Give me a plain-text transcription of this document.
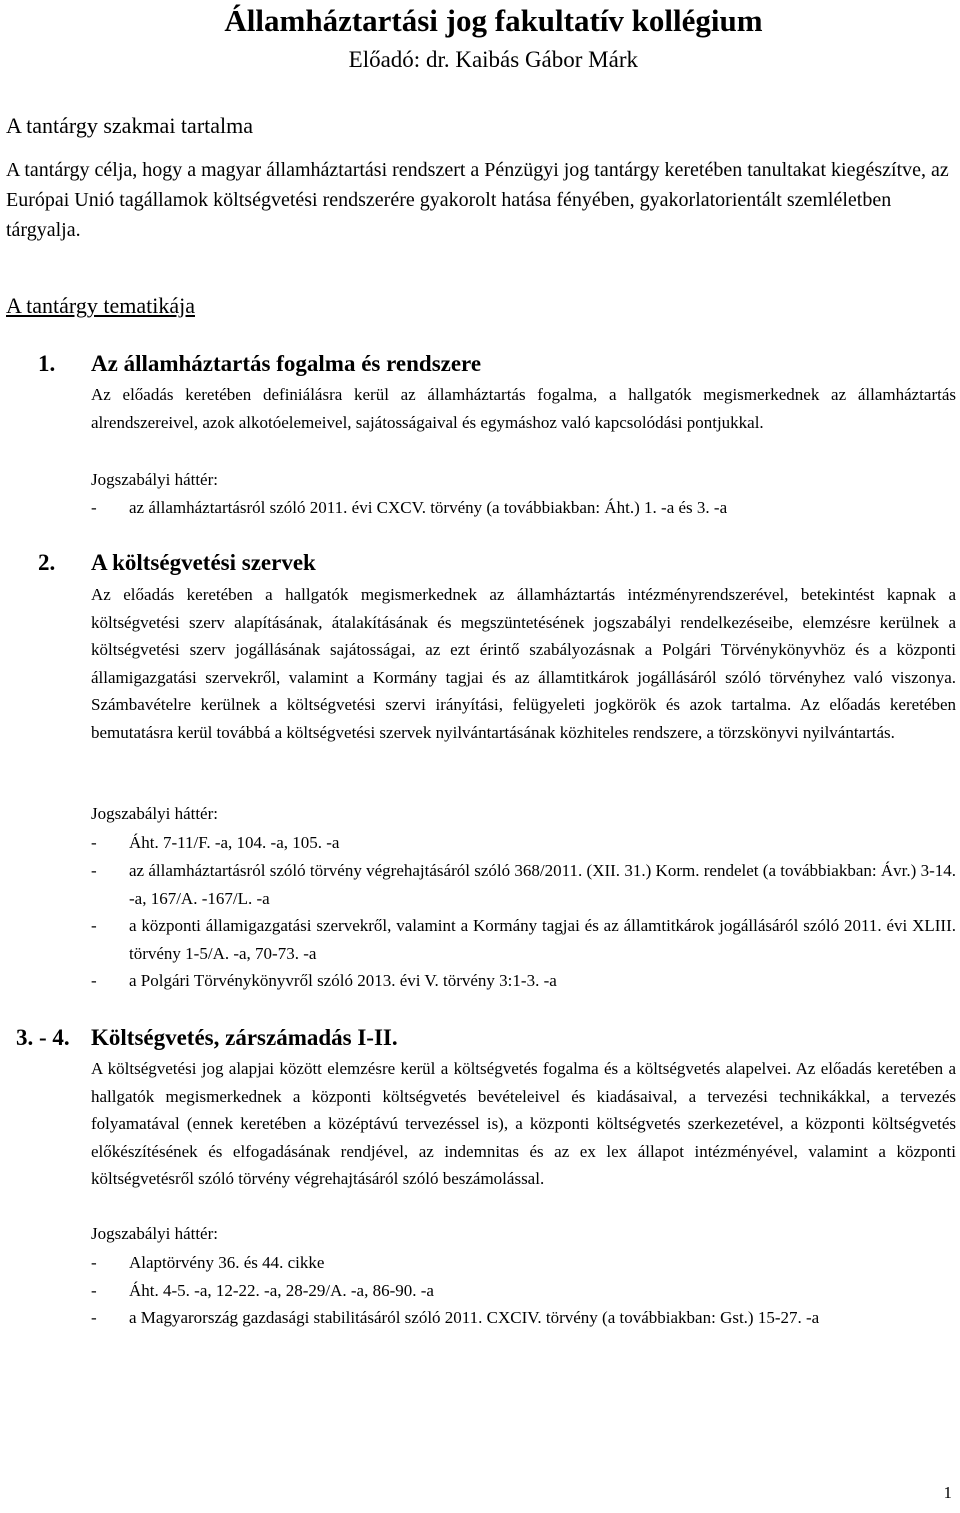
Államháztartási jog fakultatív kollégium
Előadó: dr. Kaibás Gábor Márk
A tantárgy szakmai tartalma

A tantárgy célja, hogy a magyar államháztartási rendszert a Pénzügyi jog tantárgy keretében tanultakat kiegészítve, az Európai Unió tagállamok költségvetési rendszerére gyakorolt hatása fényében, gyakorlatorientált szemléletben tárgyalja.

A tantárgy tematikája
1. Az államháztartás fogalma és rendszere

Az előadás keretében definiálásra kerül az államháztartás fogalma, a hallgatók megismerkednek az államháztartás alrendszereivel, azok alkotóelemeivel, sajátosságaival és egymáshoz való kapcsolódási pontjukkal.

Jogszabályi háttér:
- az államháztartásról szóló 2011. évi CXCV. törvény (a továbbiakban: Áht.) 1. -a és 3. -a
2. A költségvetési szervek

Az előadás keretében a hallgatók megismerkednek az államháztartás intézményrendszerével, betekintést kapnak a költségvetési szerv alapításának, átalakításának és megszüntetésének jogszabályi rendelkezéseibe, elemzésre kerülnek a költségvetési szerv jogállásának sajátosságai, az ezt érintő szabályozásnak a Polgári Törvénykönyvhöz és a központi államigazgatási szervekről, valamint a Kormány tagjai és az államtitkárok jogállásáról szóló törvényhez való viszonya. Számbavételre kerülnek a költségvetési szervi irányítási, felügyeleti jogkörök és azok tartalma. Az előadás keretében bemutatásra kerül továbbá a költségvetési szervek nyilvántartásának közhiteles rendszere, a törzskönyvi nyilvántartás.

Jogszabályi háttér:
- Áht. 7-11/F. -a, 104. -a, 105. -a
- az államháztartásról szóló törvény végrehajtásáról szóló 368/2011. (XII. 31.) Korm. rendelet (a továbbiakban: Ávr.) 3-14. -a, 167/A. -167/L. -a
- a központi államigazgatási szervekről, valamint a Kormány tagjai és az államtitkárok jogállásáról szóló 2011. évi XLIII. törvény 1-5/A. -a, 70-73. -a
- a Polgári Törvénykönyvről szóló 2013. évi V. törvény 3:1-3. -a
3. - 4. Költségvetés, zárszámadás I-II.

A költségvetési jog alapjai között elemzésre kerül a költségvetés fogalma és a költségvetés alapelvei. Az előadás keretében a hallgatók megismerkednek a központi költségvetés bevételeivel és kiadásaival, a tervezési technikákkal, a tervezés folyamatával (ennek keretében a középtávú tervezéssel is), a központi költségvetés szerkezetével, a központi költségvetés előkészítésének és elfogadásának rendjével, az indemnitas és az ex lex állapot intézményével, valamint a központi költségvetésről szóló törvény végrehajtásáról szóló beszámolással.

Jogszabályi háttér:
- Alaptörvény 36. és 44. cikke
- Áht. 4-5. -a, 12-22. -a, 28-29/A. -a, 86-90. -a
- a Magyarország gazdasági stabilitásáról szóló 2011. CXCIV. törvény (a továbbiakban: Gst.) 15-27. -a
1
